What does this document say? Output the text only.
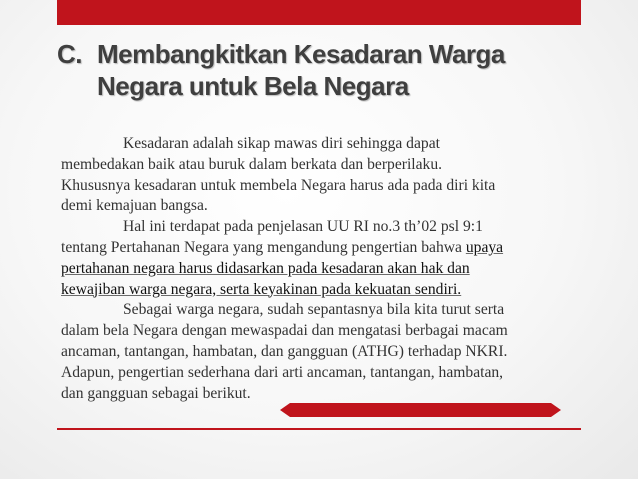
C. Membangkitkan Kesadaran Warga
Negara untuk Bela Negara
Kesadaran adalah sikap mawas diri sehingga dapat
membedakan baik atau buruk dalam berkata dan berperilaku.
Khususnya kesadaran untuk membela Negara harus ada pada diri kita
demi kemajuan bangsa.
Hal ini terdapat pada penjelasan UU RI no.3 th’02 psl 9:1
tentang Pertahanan Negara yang mengandung pengertian bahwa upaya
pertahanan negara harus didasarkan pada kesadaran akan hak dan
kewajiban warga negara, serta keyakinan pada kekuatan sendiri.
Sebagai warga negara, sudah sepantasnya bila kita turut serta
dalam bela Negara dengan mewaspadai dan mengatasi berbagai macam
ancaman, tantangan, hambatan, dan gangguan (ATHG) terhadap NKRI.
Adapun, pengertian sederhana dari arti ancaman, tantangan, hambatan,
dan gangguan sebagai berikut.
